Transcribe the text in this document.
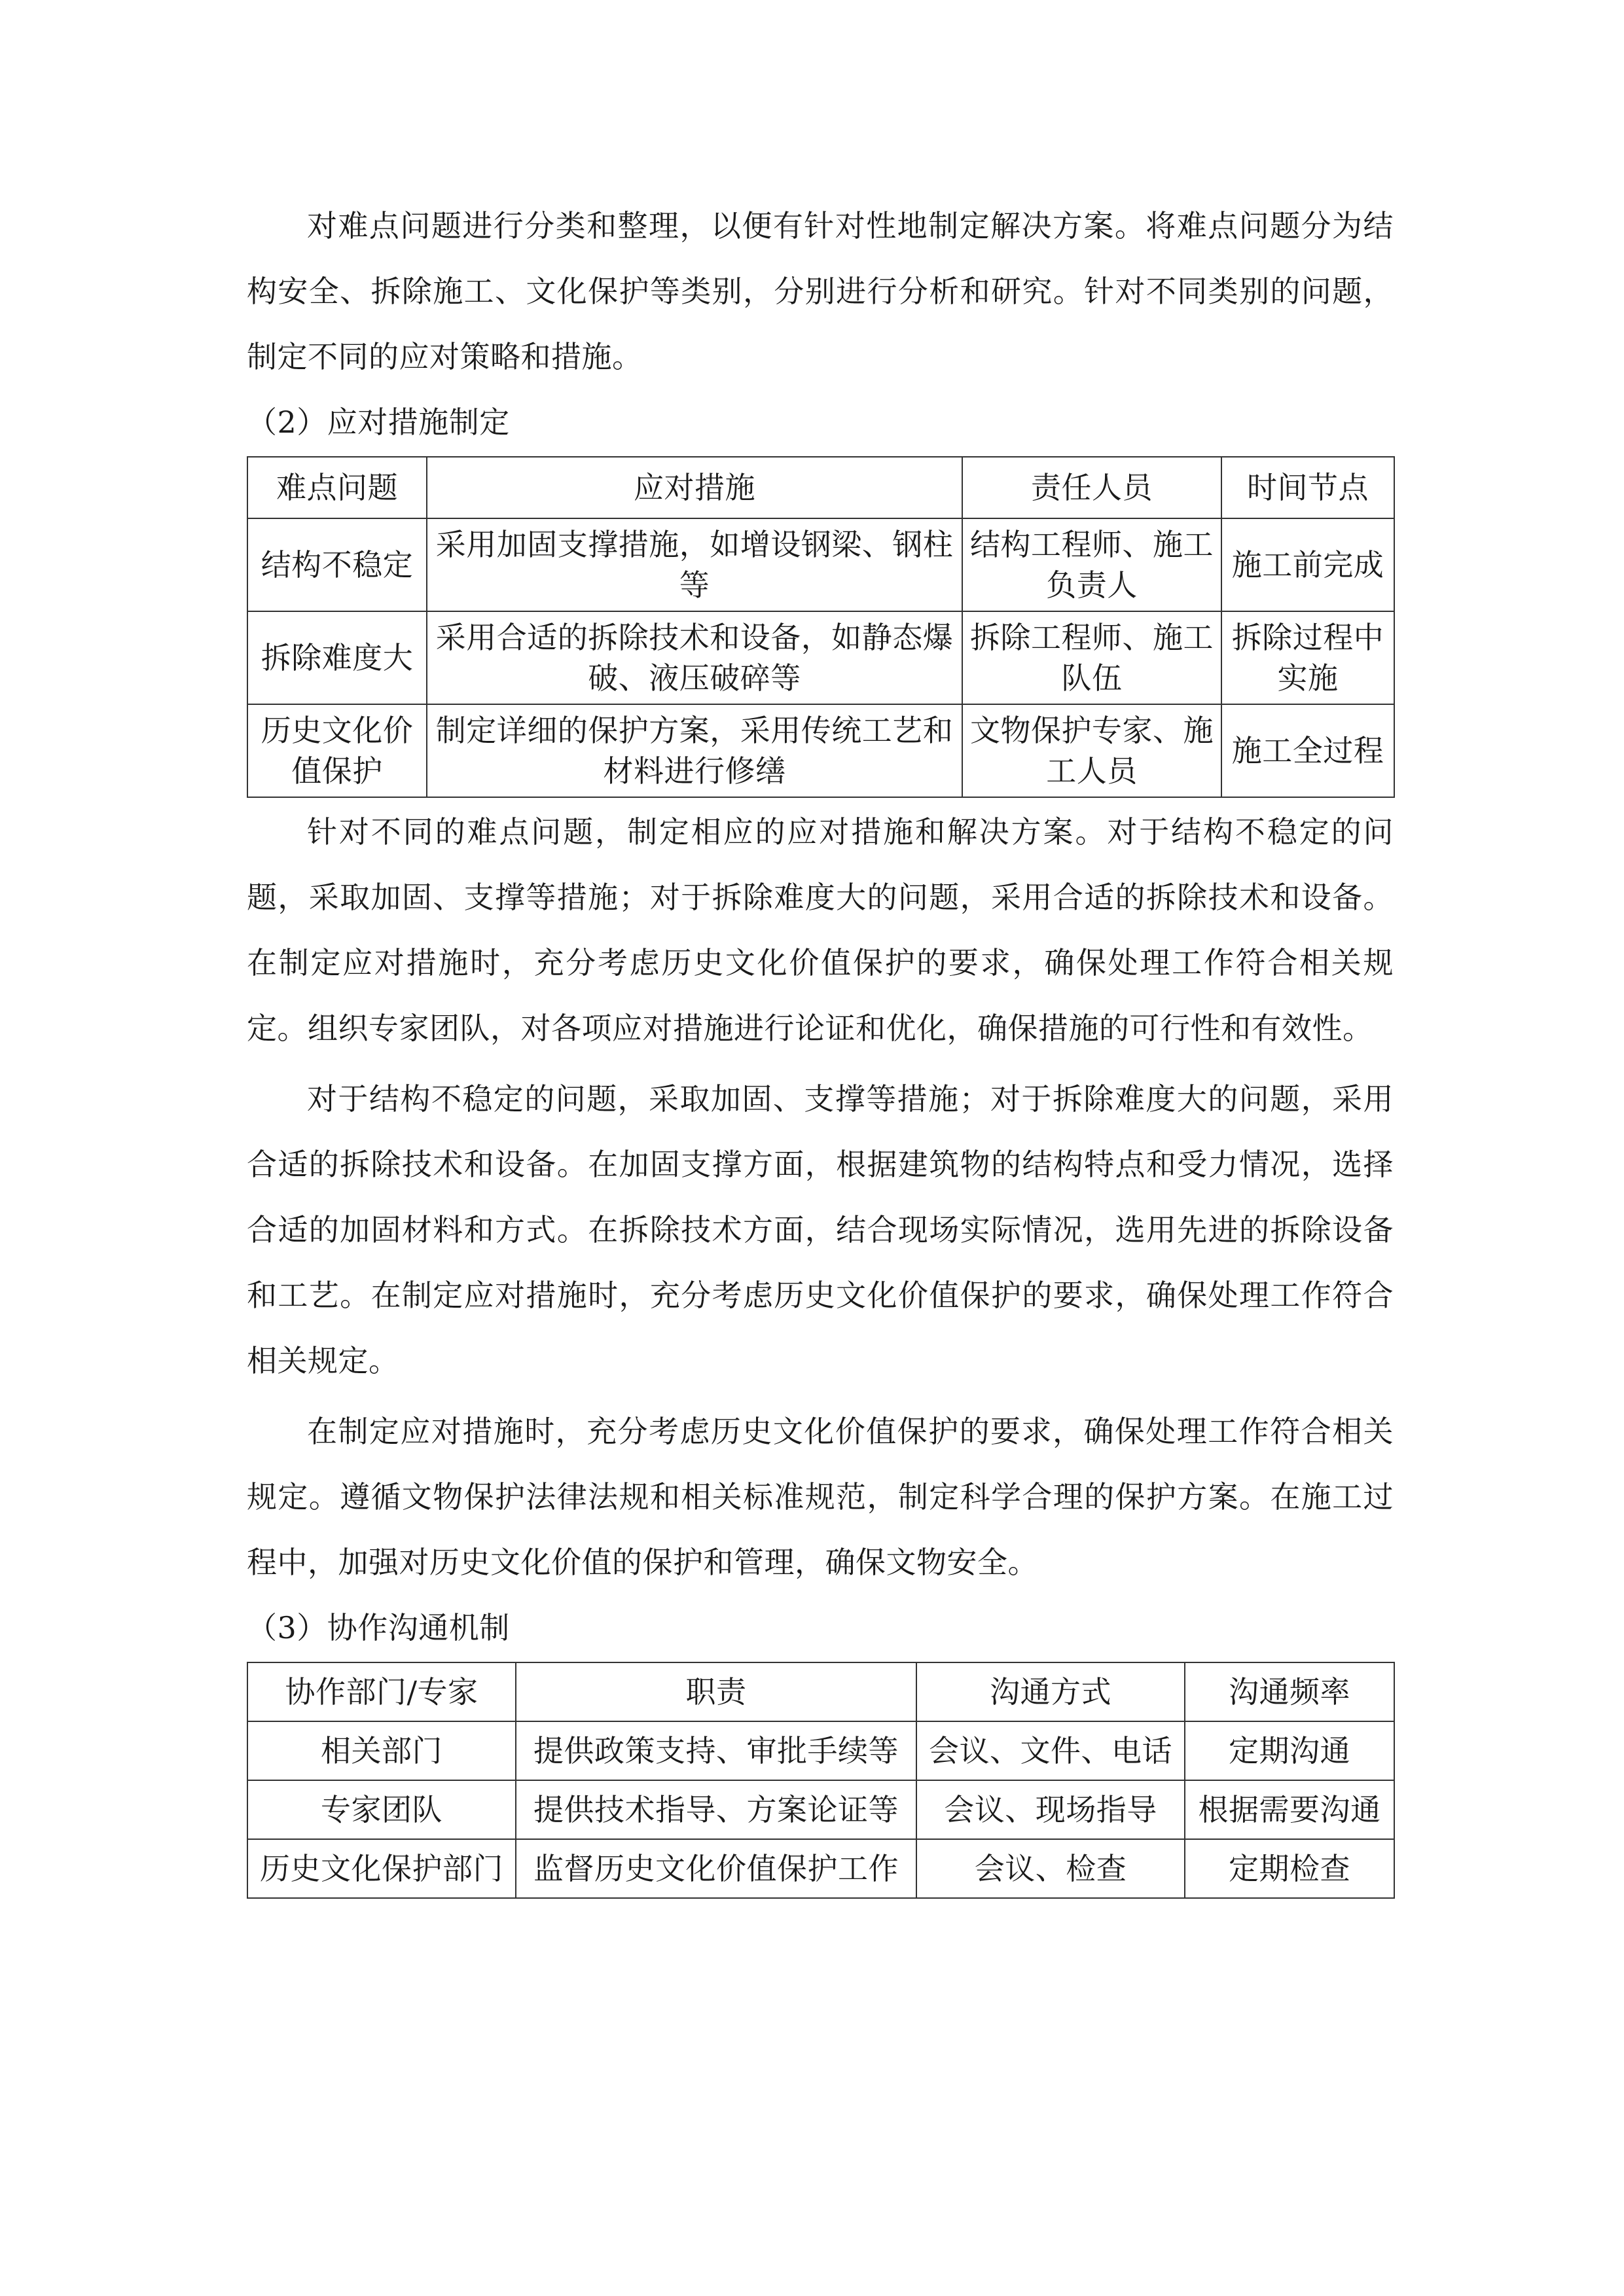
对难点问题进行分类和整理，以便有针对性地制定解决方案。将难点问题分为结构安全、拆除施工、文化保护等类别，分别进行分析和研究。针对不同类别的问题，制定不同的应对策略和措施。

（2）应对措施制定

难点问题	应对措施	责任人员	时间节点
结构不稳定	采用加固支撑措施，如增设钢梁、钢柱等	结构工程师、施工负责人	施工前完成
拆除难度大	采用合适的拆除技术和设备，如静态爆破、液压破碎等	拆除工程师、施工队伍	拆除过程中实施
历史文化价值保护	制定详细的保护方案，采用传统工艺和材料进行修缮	文物保护专家、施工人员	施工全过程

针对不同的难点问题，制定相应的应对措施和解决方案。对于结构不稳定的问题，采取加固、支撑等措施；对于拆除难度大的问题，采用合适的拆除技术和设备。在制定应对措施时，充分考虑历史文化价值保护的要求，确保处理工作符合相关规定。组织专家团队，对各项应对措施进行论证和优化，确保措施的可行性和有效性。

对于结构不稳定的问题，采取加固、支撑等措施；对于拆除难度大的问题，采用合适的拆除技术和设备。在加固支撑方面，根据建筑物的结构特点和受力情况，选择合适的加固材料和方式。在拆除技术方面，结合现场实际情况，选用先进的拆除设备和工艺。在制定应对措施时，充分考虑历史文化价值保护的要求，确保处理工作符合相关规定。

在制定应对措施时，充分考虑历史文化价值保护的要求，确保处理工作符合相关规定。遵循文物保护法律法规和相关标准规范，制定科学合理的保护方案。在施工过程中，加强对历史文化价值的保护和管理，确保文物安全。

（3）协作沟通机制

协作部门/专家	职责	沟通方式	沟通频率
相关部门	提供政策支持、审批手续等	会议、文件、电话	定期沟通
专家团队	提供技术指导、方案论证等	会议、现场指导	根据需要沟通
历史文化保护部门	监督历史文化价值保护工作	会议、检查	定期检查
